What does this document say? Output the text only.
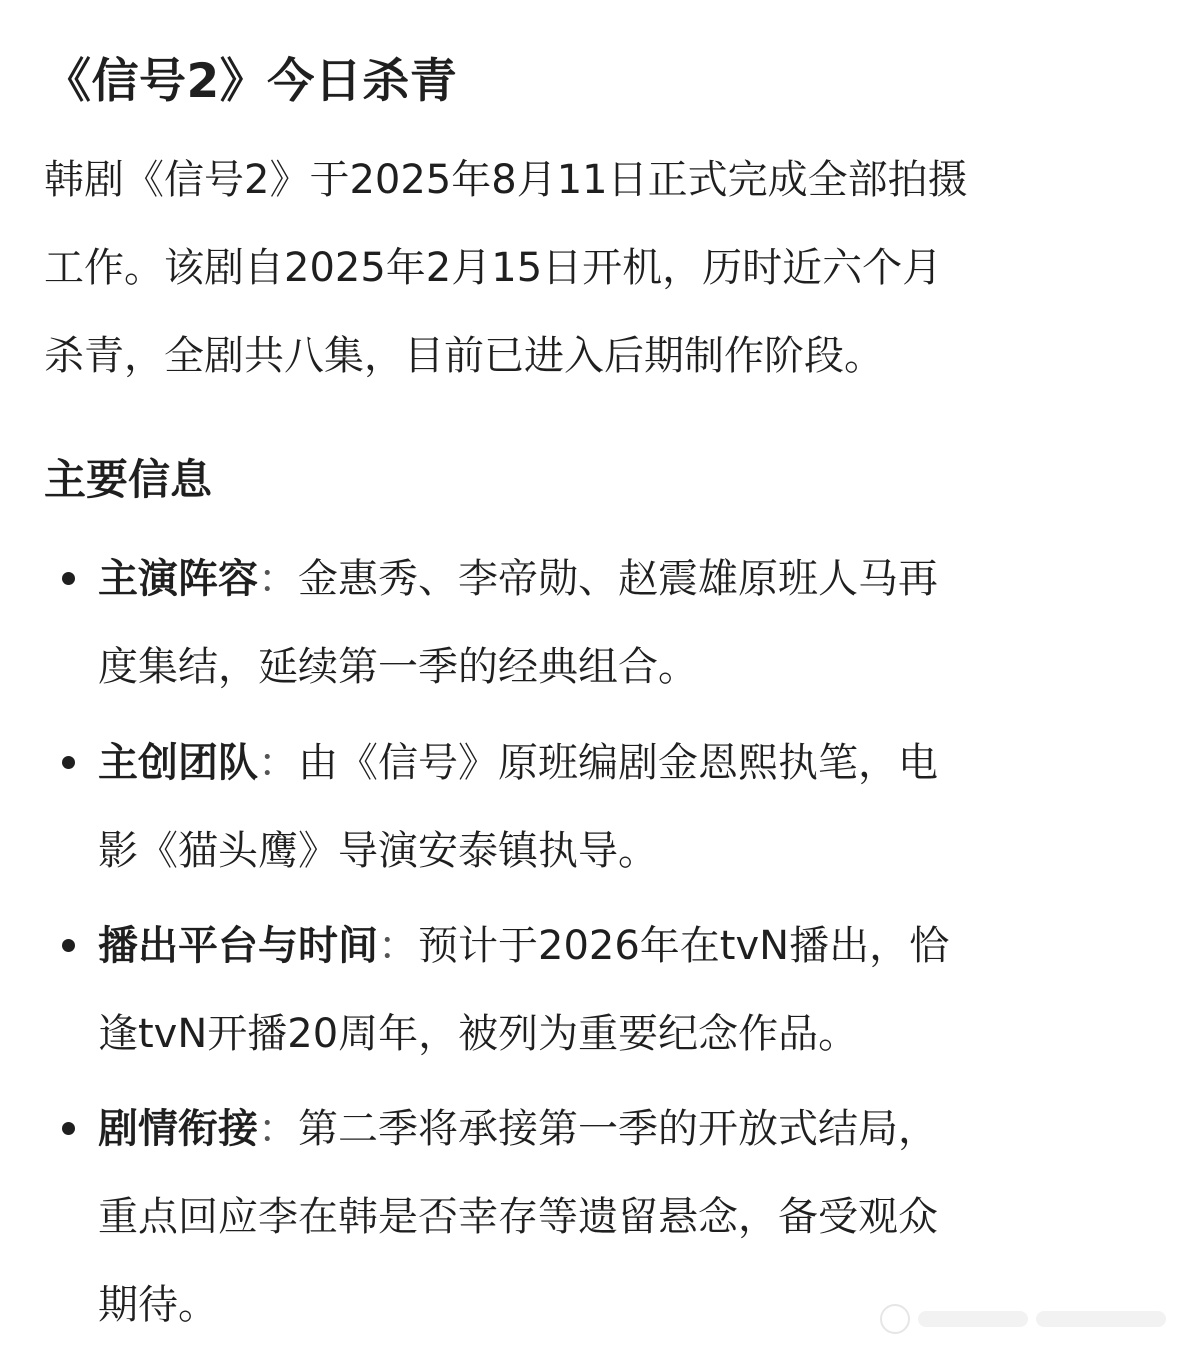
《信号2》今日杀青

韩剧《信号2》于2025年8月11日正式完成全部拍摄
工作。该剧自2025年2月15日开机，历时近六个月
杀青，全剧共八集，目前已进入后期制作阶段。

主要信息
主演阵容：金惠秀、李帝勋、赵震雄原班人马再
度集结，延续第一季的经典组合。
主创团队：由《信号》原班编剧金恩熙执笔，电
影《猫头鹰》导演安泰镇执导。
播出平台与时间：预计于2026年在tvN播出，恰
逢tvN开播20周年，被列为重要纪念作品。
剧情衔接：第二季将承接第一季的开放式结局，
重点回应李在韩是否幸存等遗留悬念，备受观众
期待。
